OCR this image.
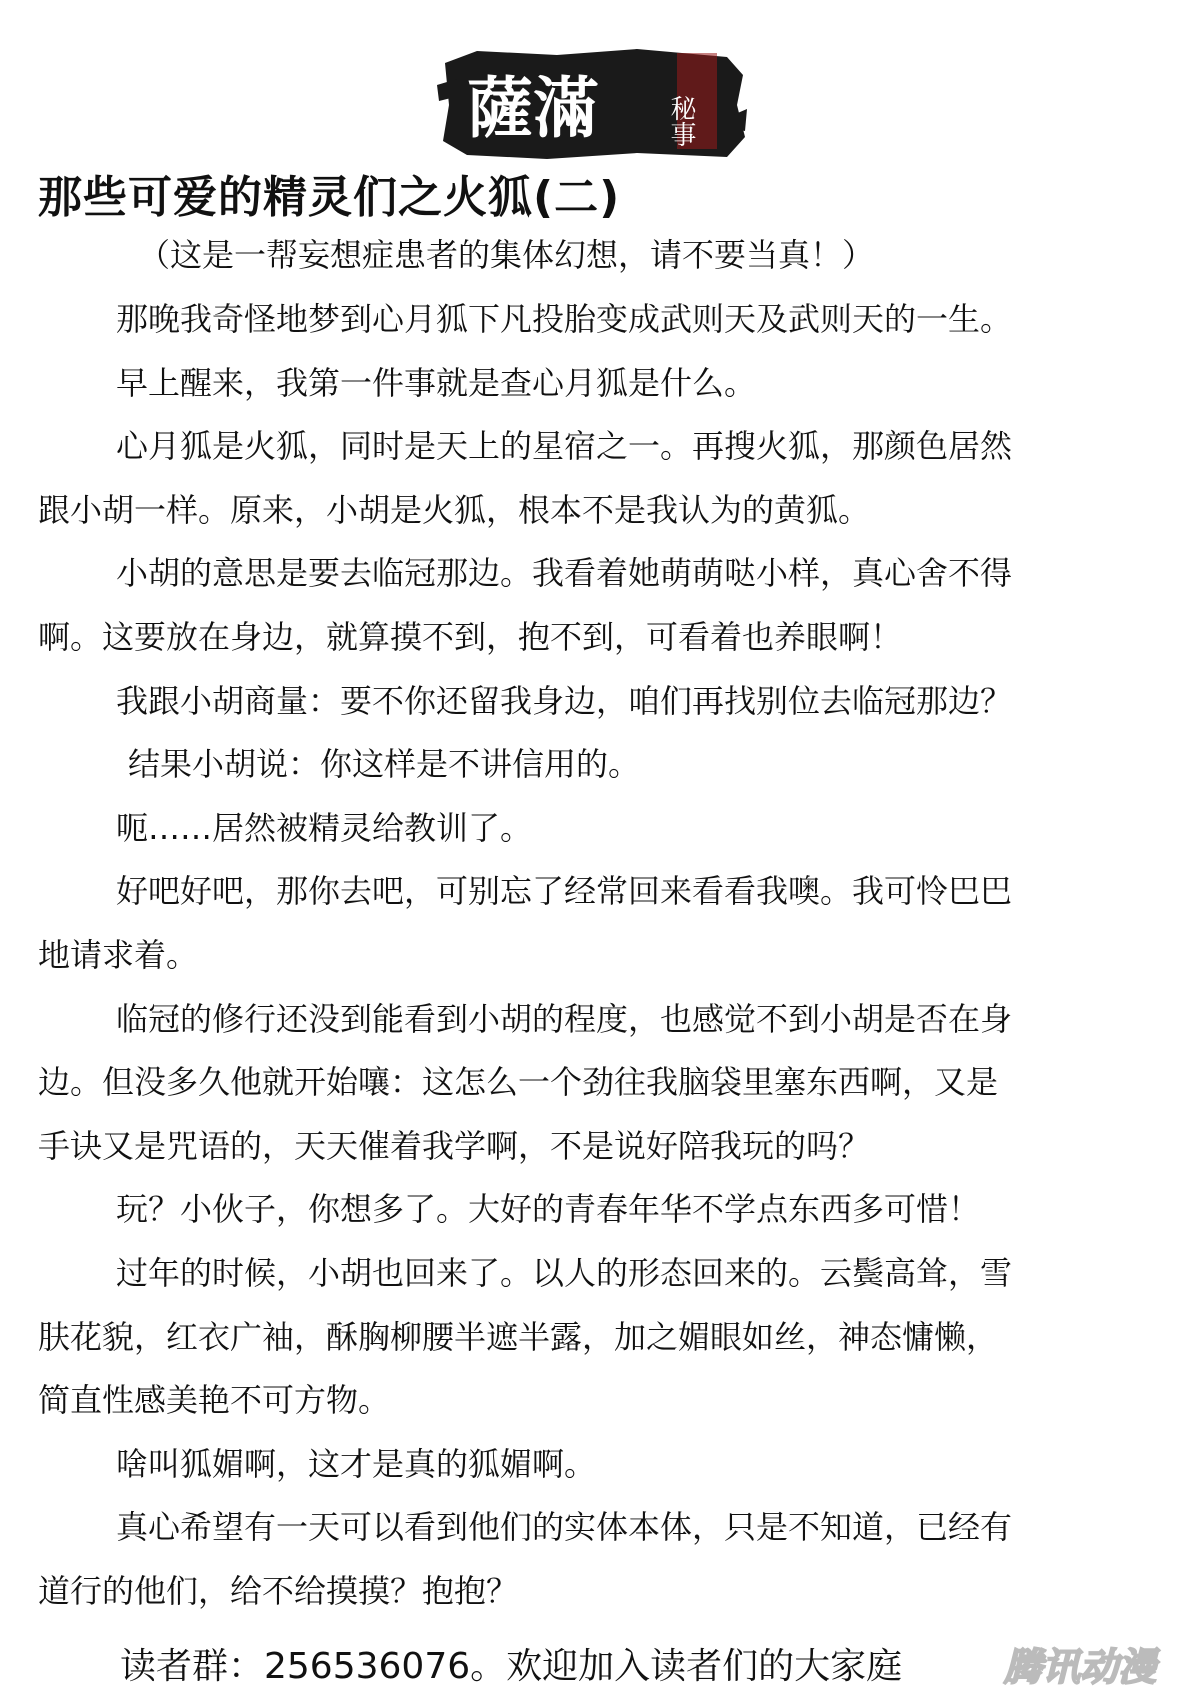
薩滿	秘事
那些可爱的精灵们之火狐(二)
（这是一帮妄想症患者的集体幻想，请不要当真！）
那晚我奇怪地梦到心月狐下凡投胎变成武则天及武则天的一生。
早上醒来，我第一件事就是查心月狐是什么。
心月狐是火狐，同时是天上的星宿之一。再搜火狐，那颜色居然
跟小胡一样。原来，小胡是火狐，根本不是我认为的黄狐。
小胡的意思是要去临冠那边。我看着她萌萌哒小样，真心舍不得
啊。这要放在身边，就算摸不到，抱不到，可看着也养眼啊！
我跟小胡商量：要不你还留我身边，咱们再找别位去临冠那边？
结果小胡说：你这样是不讲信用的。
呃……居然被精灵给教训了。
好吧好吧，那你去吧，可别忘了经常回来看看我噢。我可怜巴巴
地请求着。
临冠的修行还没到能看到小胡的程度，也感觉不到小胡是否在身
边。但没多久他就开始嚷：这怎么一个劲往我脑袋里塞东西啊，又是
手诀又是咒语的，天天催着我学啊，不是说好陪我玩的吗？
玩？小伙子，你想多了。大好的青春年华不学点东西多可惜！
过年的时候，小胡也回来了。以人的形态回来的。云鬓高耸，雪
肤花貌，红衣广袖，酥胸柳腰半遮半露，加之媚眼如丝，神态慵懒，
简直性感美艳不可方物。
啥叫狐媚啊，这才是真的狐媚啊。
真心希望有一天可以看到他们的实体本体，只是不知道，已经有
道行的他们，给不给摸摸？抱抱？
读者群：256536076。欢迎加入读者们的大家庭	腾讯动漫
